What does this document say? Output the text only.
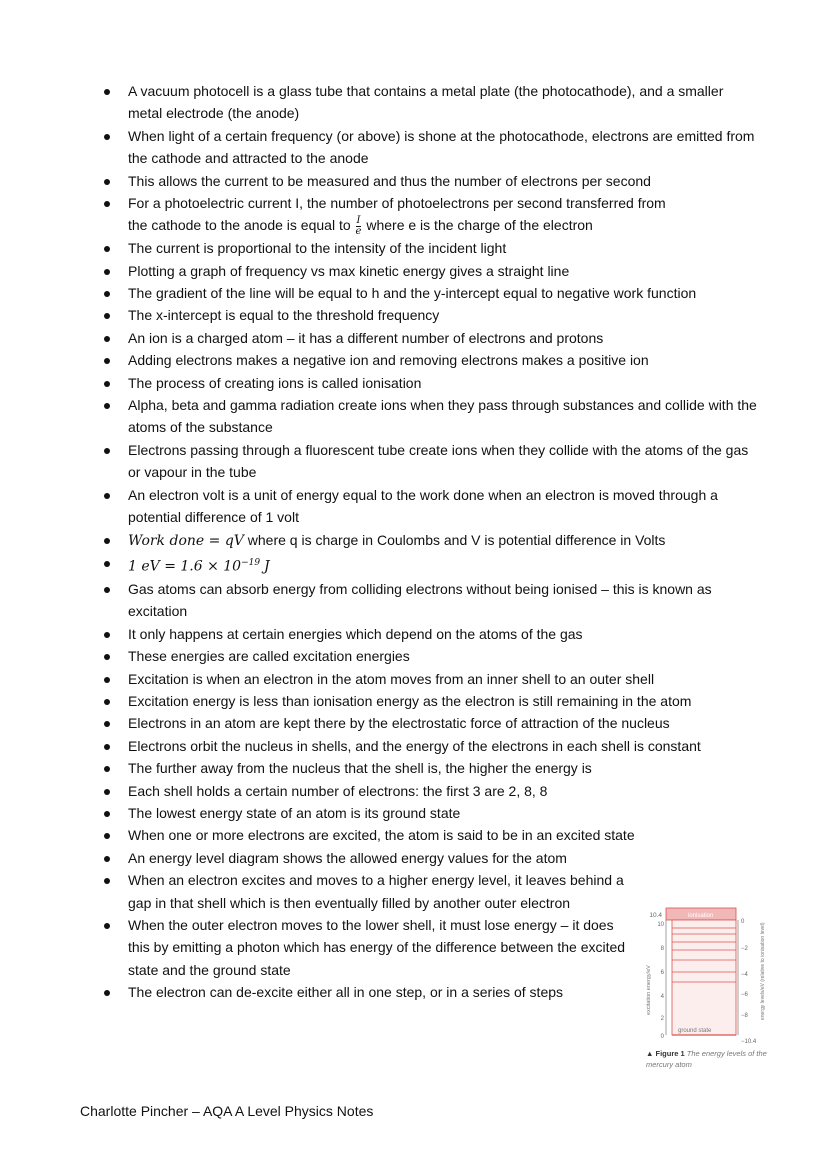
A vacuum photocell is a glass tube that contains a metal plate (the photocathode), and a smaller metal electrode (the anode)
When light of a certain frequency (or above) is shone at the photocathode, electrons are emitted from the cathode and attracted to the anode
This allows the current to be measured and thus the number of electrons per second
For a photoelectric current I, the number of photoelectrons per second transferred from
the cathode to the anode is equal to $\frac{I}{e}$ where e is the charge of the electron
The current is proportional to the intensity of the incident light
Plotting a graph of frequency vs max kinetic energy gives a straight line
The gradient of the line will be equal to h and the y-intercept equal to negative work function
The x-intercept is equal to the threshold frequency
An ion is a charged atom – it has a different number of electrons and protons
Adding electrons makes a negative ion and removing electrons makes a positive ion
The process of creating ions is called ionisation
Alpha, beta and gamma radiation create ions when they pass through substances and collide with the atoms of the substance
Electrons passing through a fluorescent tube create ions when they collide with the atoms of the gas or vapour in the tube
An electron volt is a unit of energy equal to the work done when an electron is moved through a potential difference of 1 volt
Work done = qV where q is charge in Coulombs and V is potential difference in Volts
1 eV = $1.6 \times 10^{-19}$ J
Gas atoms can absorb energy from colliding electrons without being ionised – this is known as excitation
It only happens at certain energies which depend on the atoms of the gas
These energies are called excitation energies
Excitation is when an electron in the atom moves from an inner shell to an outer shell
Excitation energy is less than ionisation energy as the electron is still remaining in the atom
Electrons in an atom are kept there by the electrostatic force of attraction of the nucleus
Electrons orbit the nucleus in shells, and the energy of the electrons in each shell is constant
The further away from the nucleus that the shell is, the higher the energy is
Each shell holds a certain number of electrons: the first 3 are 2, 8, 8
The lowest energy state of an atom is its ground state
When one or more electrons are excited, the atom is said to be in an excited state
An energy level diagram shows the allowed energy values for the atom
When an electron excites and moves to a higher energy level, it leaves behind a gap in that shell which is then eventually filled by another outer electron
When the outer electron moves to the lower shell, it must lose energy – it does this by emitting a photon which has energy of the difference between the excited state and the ground state
The electron can de-excite either all in one step, or in a series of steps
ionisation
10.4
10
8
6
4
2
0
0
−2
−4
−6
−8
−10.4
ground state
excitation energy/eV	energy levels/eV (relative to ionisation level)
▲ Figure 1 The energy levels of the mercury atom
Charlotte Pincher – AQA A Level Physics Notes
